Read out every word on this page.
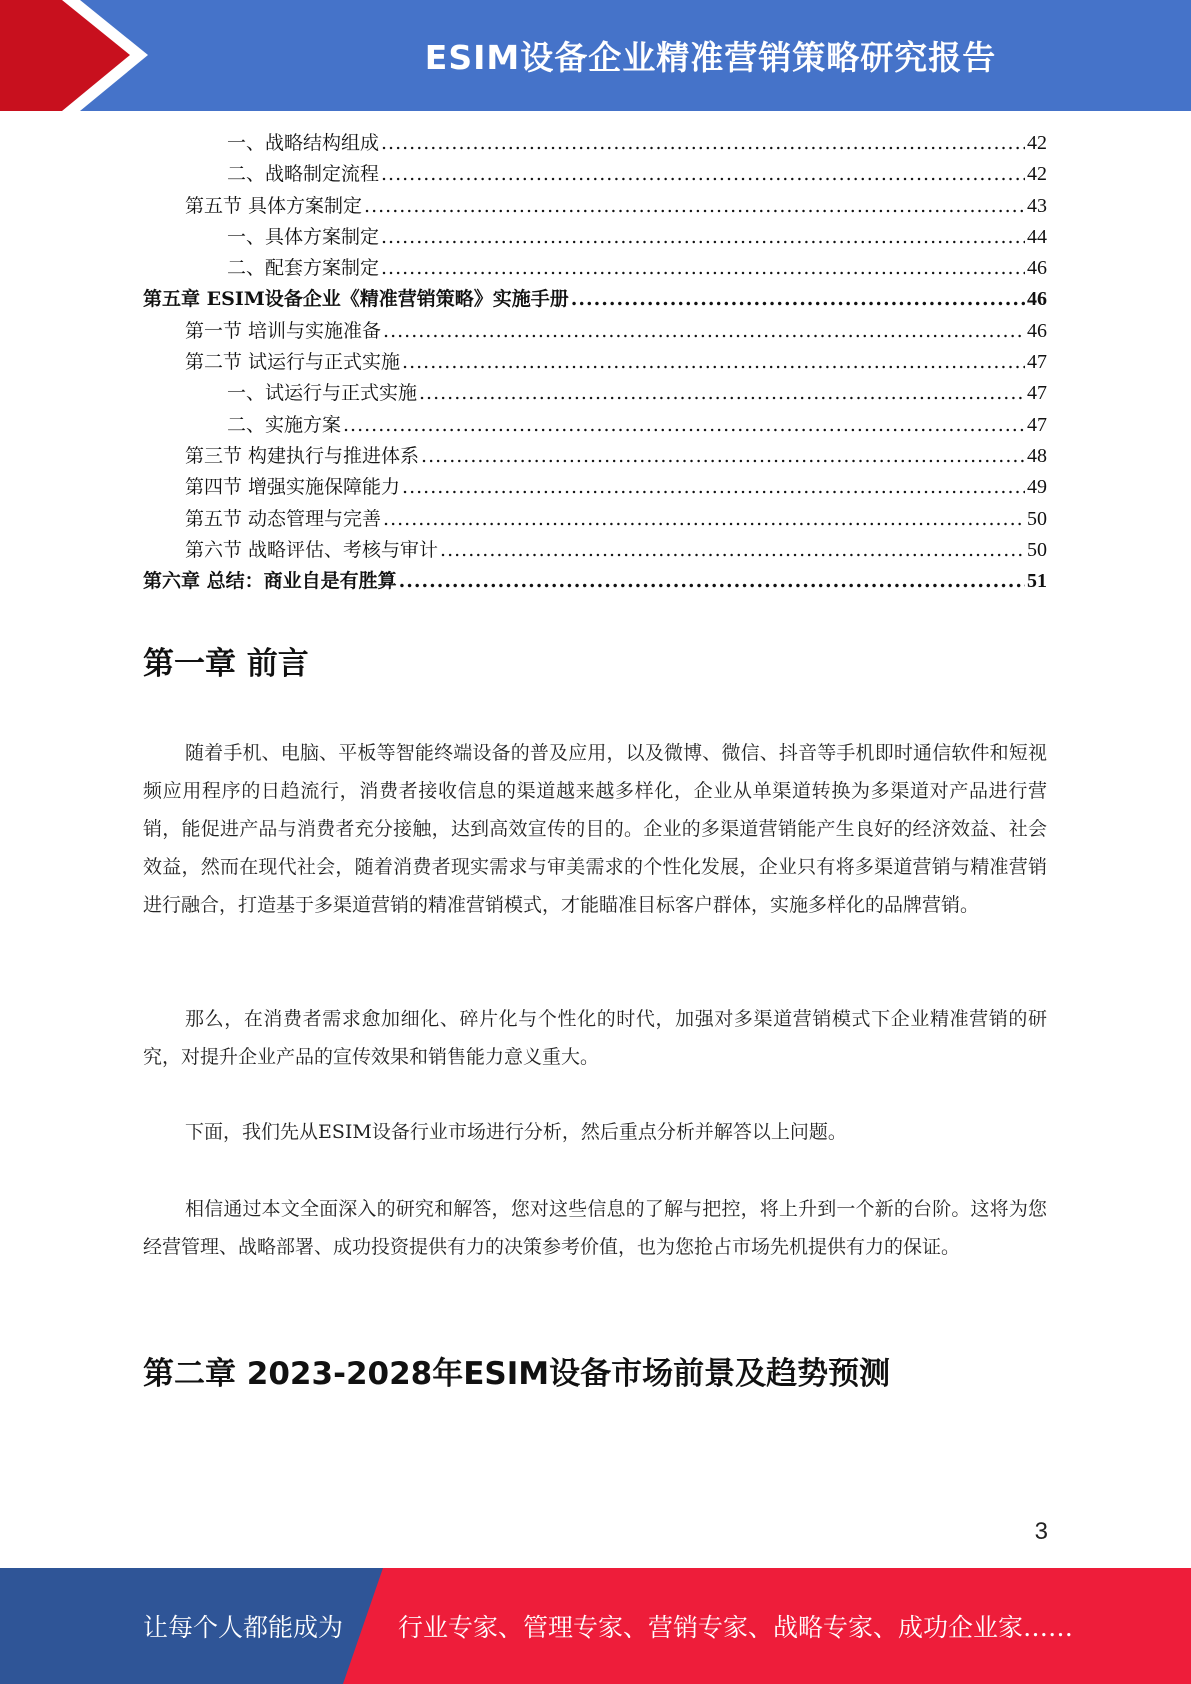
ESIM设备企业精准营销策略研究报告
一、战略结构组成 .....	42
二、战略制定流程 .....	42
第五节 具体方案制定 .....	43
一、具体方案制定 .....	44
二、配套方案制定 .....	46
第五章 ESIM设备企业《精准营销策略》实施手册 .....	46
第一节 培训与实施准备 .....	46
第二节 试运行与正式实施 .....	47
一、试运行与正式实施 .....	47
二、实施方案 .....	47
第三节 构建执行与推进体系 .....	48
第四节 增强实施保障能力 .....	49
第五节 动态管理与完善 .....	50
第六节 战略评估、考核与审计 .....	50
第六章 总结：商业自是有胜算 .....	51
第一章 前言
随着手机、电脑、平板等智能终端设备的普及应用，以及微博、微信、抖音等手机即时通信软件和短视频应用程序的日趋流行，消费者接收信息的渠道越来越多样化，企业从单渠道转换为多渠道对产品进行营销，能促进产品与消费者充分接触，达到高效宣传的目的。企业的多渠道营销能产生良好的经济效益、社会效益，然而在现代社会，随着消费者现实需求与审美需求的个性化发展，企业只有将多渠道营销与精准营销进行融合，打造基于多渠道营销的精准营销模式，才能瞄准目标客户群体，实施多样化的品牌营销。
那么，在消费者需求愈加细化、碎片化与个性化的时代，加强对多渠道营销模式下企业精准营销的研究，对提升企业产品的宣传效果和销售能力意义重大。
下面，我们先从ESIM设备行业市场进行分析，然后重点分析并解答以上问题。
相信通过本文全面深入的研究和解答，您对这些信息的了解与把控，将上升到一个新的台阶。这将为您经营管理、战略部署、成功投资提供有力的决策参考价值，也为您抢占市场先机提供有力的保证。
第二章 2023-2028年ESIM设备市场前景及趋势预测
3
让每个人都能成为 行业专家、管理专家、营销专家、战略专家、成功企业家……
